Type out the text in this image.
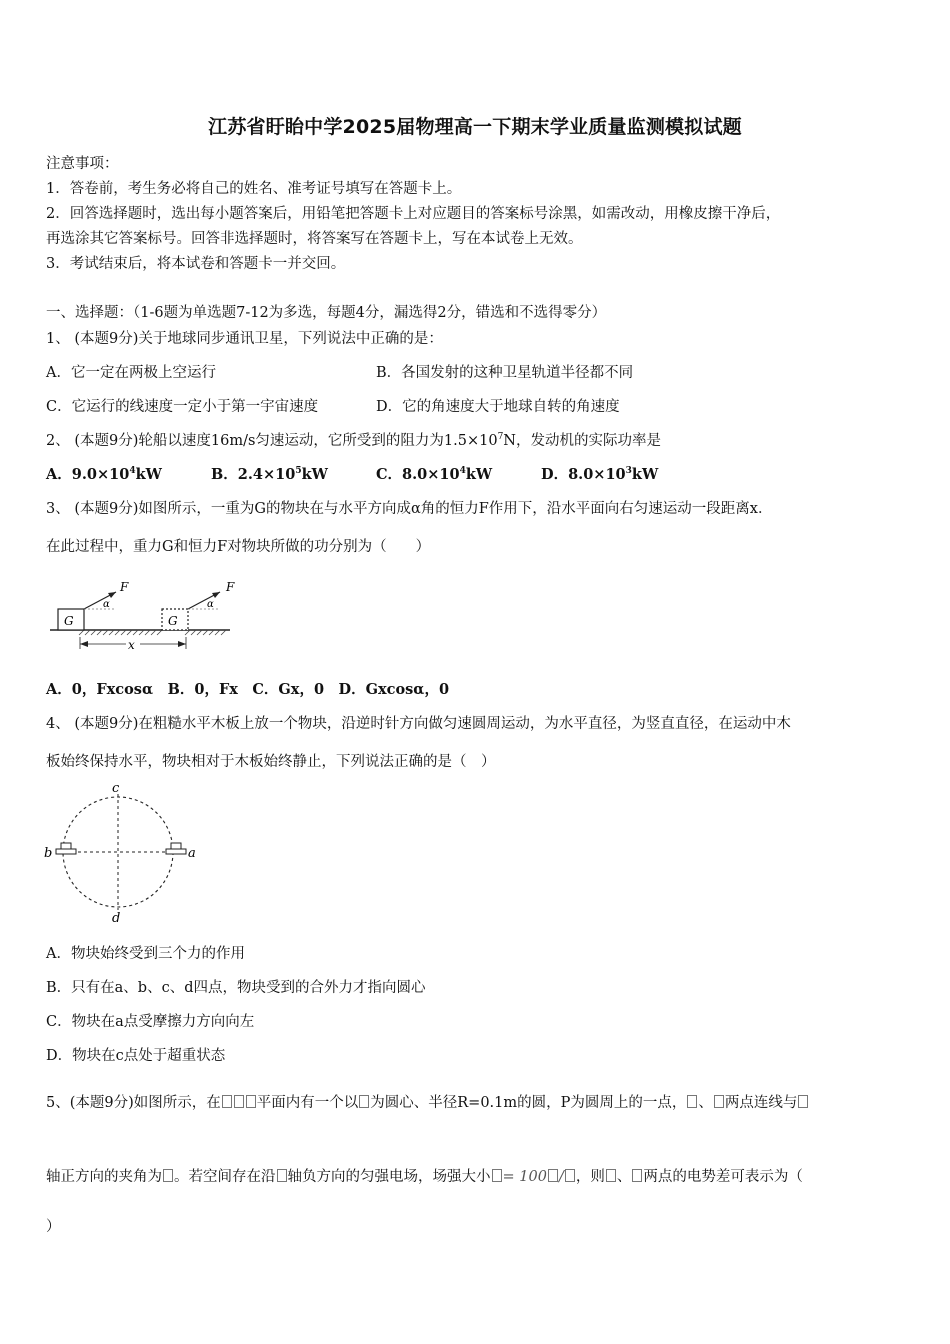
江苏省盱眙中学2025届物理高一下期末学业质量监测模拟试题
注意事项：
1．答卷前，考生务必将自己的姓名、准考证号填写在答题卡上。
2．回答选择题时，选出每小题答案后，用铅笔把答题卡上对应题目的答案标号涂黑，如需改动，用橡皮擦干净后，
再选涂其它答案标号。回答非选择题时，将答案写在答题卡上，写在本试卷上无效。
3．考试结束后，将本试卷和答题卡一并交回。
一、选择题：（1-6题为单选题7-12为多选，每题4分，漏选得2分，错选和不选得零分）
1、 (本题9分)关于地球同步通讯卫星，下列说法中正确的是：
A．它一定在两极上空运行	B．各国发射的这种卫星轨道半径都不同
C．它运行的线速度一定小于第一宇宙速度	D．它的角速度大于地球自转的角速度
2、 (本题9分)轮船以速度16m/s匀速运动，它所受到的阻力为$1.5\times 10^7N$，发动机的实际功率是
A．$9.0\times 10^4kW$	B．$2.4\times 10^5kW$	C．$8.0\times 10^4kW$	D．$8.0\times 10^3kW$
3、 (本题9分)如图所示，一重为G的物块在与水平方向成α角的恒力F作用下，沿水平面向右匀速运动一段距离x．
在此过程中，重力G和恒力F对物块所做的功分别为（　　）
G
α
F
G
α
F
x
A．0，Fxcosα　B．0，Fx　C．Gx，0　D．Gxcosα，0
4、 (本题9分)在粗糙水平木板上放一个物块，沿逆时针方向做匀速圆周运动，为水平直径，为竖直直径，在运动中木
板始终保持水平，物块相对于木板始终静止，下列说法正确的是（　）
c
d
b	a
A．物块始终受到三个力的作用
B．只有在a、b、c、d四点，物块受到的合外力才指向圆心
C．物块在a点受摩擦力方向向左
D．物块在c点处于超重状态
5、(本题9分)如图所示，在 平面内有一个以 为圆心、半径R=0.1m的圆，P为圆周上的一点， 、 两点连线与
轴正方向的夹角为 。若空间存在沿 轴负方向的匀强电场，场强大小 = 100 / ，则 、 两点的电势差可表示为（
）
